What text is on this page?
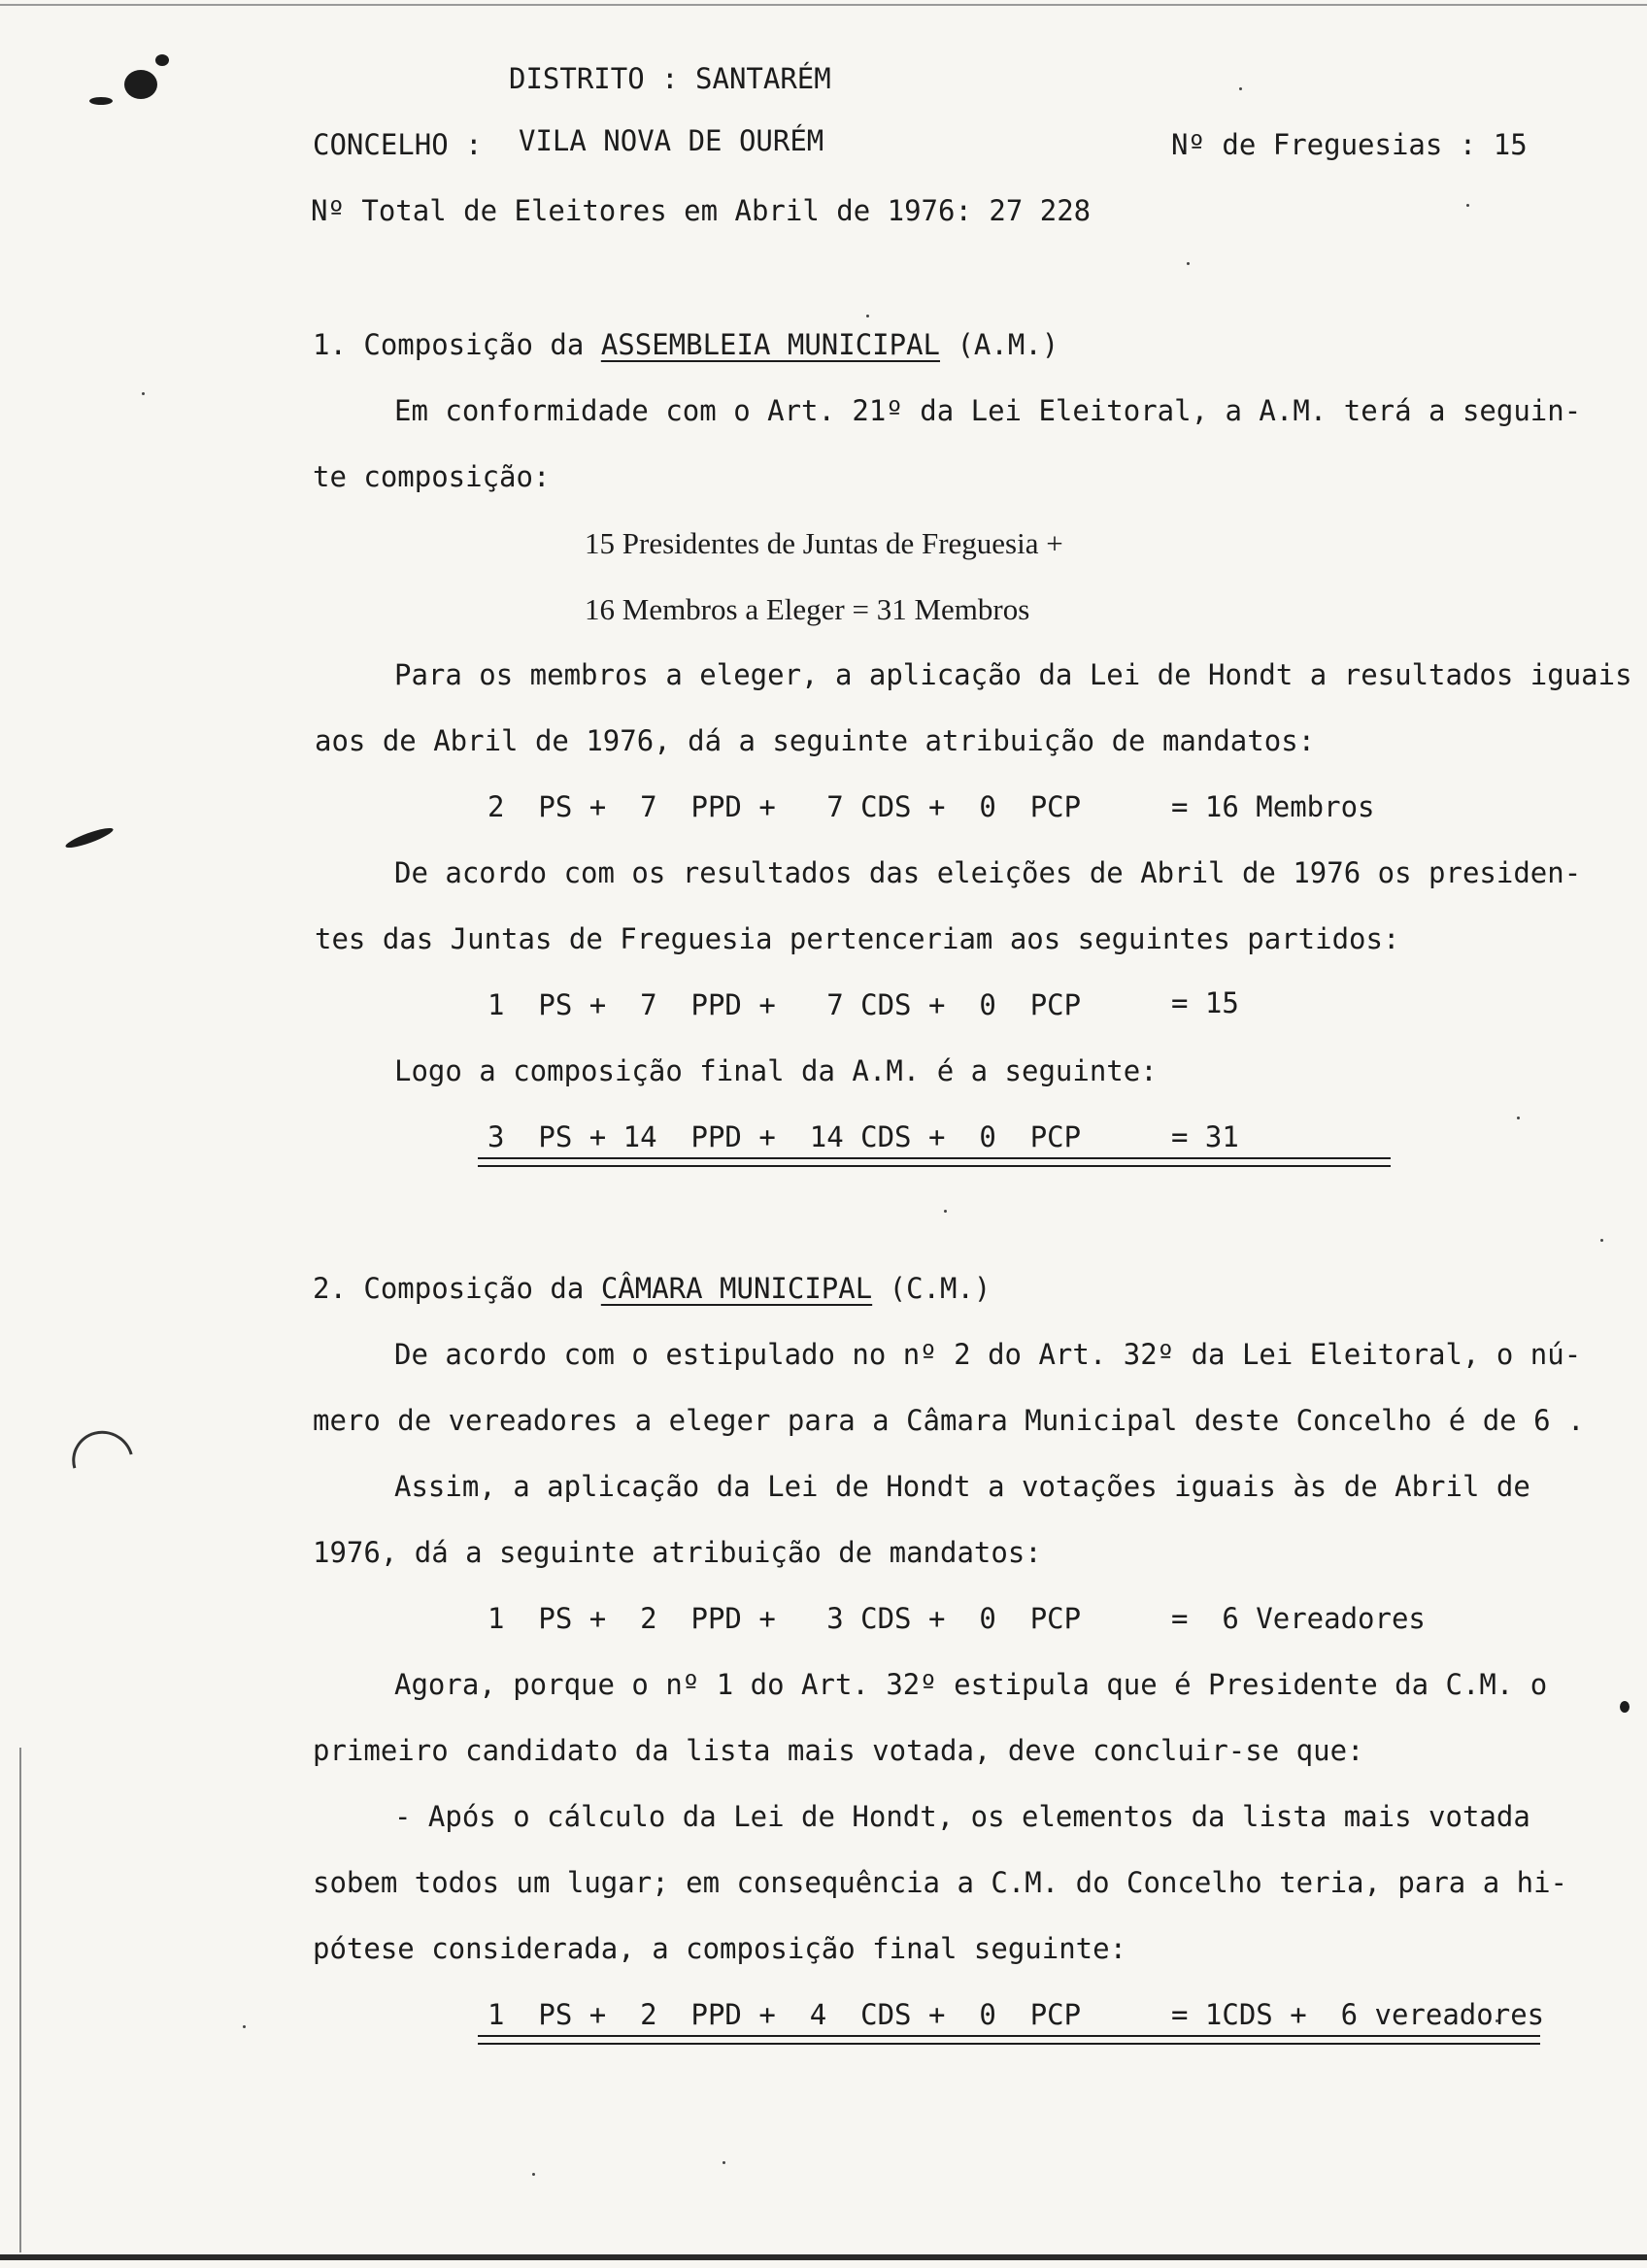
DISTRITO : SANTARÉM
CONCELHO : VILA NOVA DE OURÉM	Nº de Freguesias : 15
Nº Total de Eleitores em Abril de 1976: 27 228
1. Composição da ASSEMBLEIA MUNICIPAL (A.M.)
Em conformidade com o Art. 21º da Lei Eleitoral, a A.M. terá a seguin-
te composição:
15 Presidentes de Juntas de Freguesia +
16 Membros a Eleger = 31 Membros
Para os membros a eleger, a aplicação da Lei de Hondt a resultados iguais
aos de Abril de 1976, dá a seguinte atribuição de mandatos:
2  PS +  7  PPD +   7 CDS +  0  PCP	= 16 Membros
De acordo com os resultados das eleições de Abril de 1976 os presiden-
tes das Juntas de Freguesia pertenceriam aos seguintes partidos:
1  PS +  7  PPD +   7 CDS +  0  PCP	= 15
Logo a composição final da A.M. é a seguinte:
3  PS + 14  PPD +  14 CDS +  0  PCP	= 31
2. Composição da CÂMARA MUNICIPAL (C.M.)
De acordo com o estipulado no nº 2 do Art. 32º da Lei Eleitoral, o nú-
mero de vereadores a eleger para a Câmara Municipal deste Concelho é de 6 .
Assim, a aplicação da Lei de Hondt a votações iguais às de Abril de
1976, dá a seguinte atribuição de mandatos:
1  PS +  2  PPD +   3 CDS +  0  PCP	=  6 Vereadores
Agora, porque o nº 1 do Art. 32º estipula que é Presidente da C.M. o
primeiro candidato da lista mais votada, deve concluir-se que:
- Após o cálculo da Lei de Hondt, os elementos da lista mais votada
sobem todos um lugar; em consequência a C.M. do Concelho teria, para a hi-
pótese considerada, a composição final seguinte:
1  PS +  2  PPD +  4  CDS +  0  PCP	= 1CDS +  6 vereadores
